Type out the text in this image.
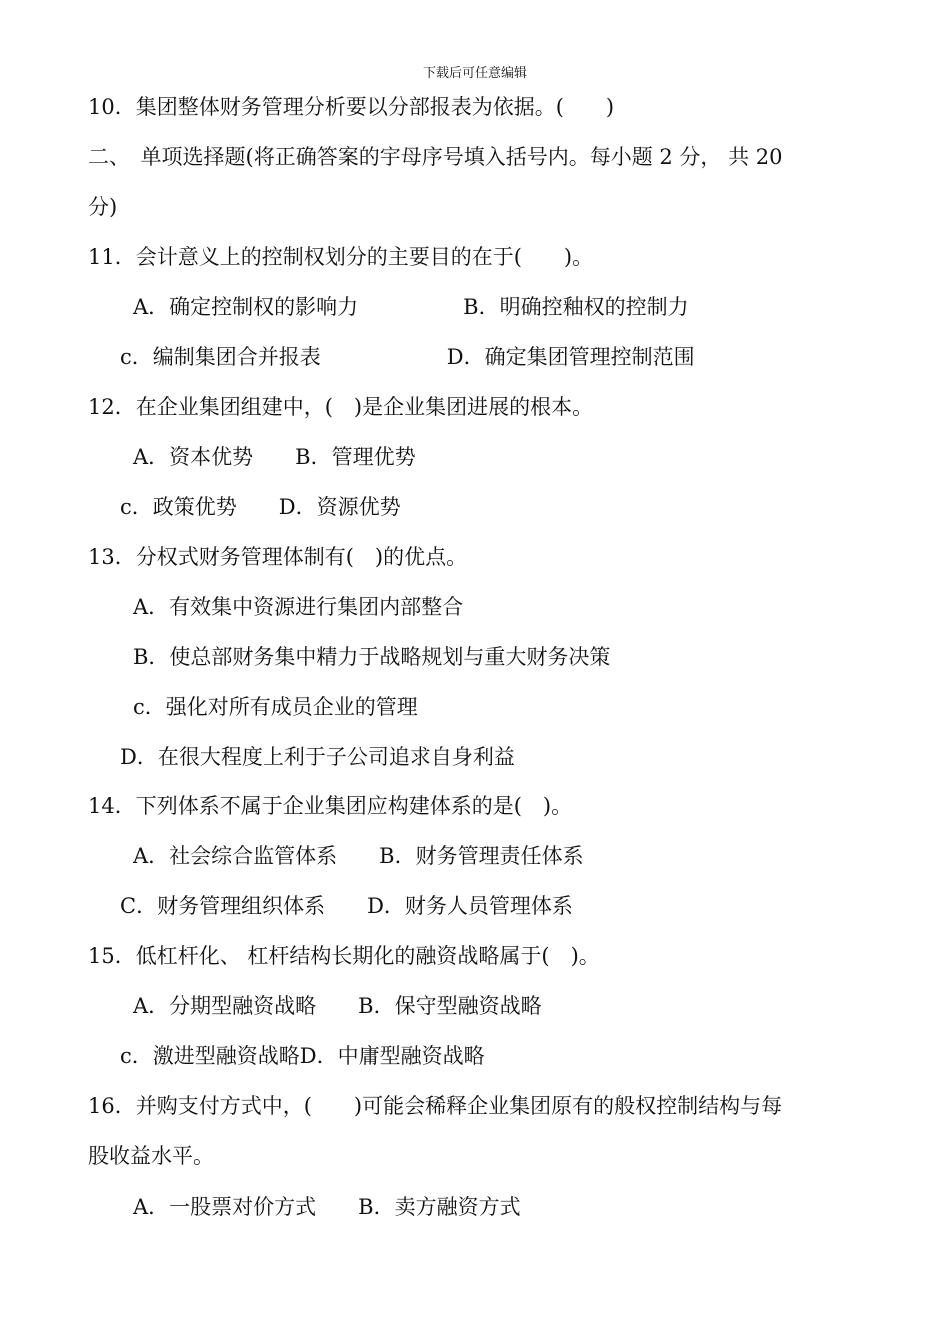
下载后可任意编辑
10．集团整体财务管理分析要以分部报表为依据。(　　)
二、　单项选择题(将正确答案的宇母序号填入括号内。每小题 2 分， 共 20
分)
11．会计意义上的控制权划分的主要目的在于(　　)。
A．确定控制权的影响力　　　　　B．明确控釉权的控制力
c．编制集团合并报表　　　　　　D．确定集团管理控制范围
12．在企业集团组建中，(　)是企业集团进展的根本。
A．资本优势　　B．管理优势
c．政策优势　　D．资源优势
13．分权式财务管理体制有(　)的优点。
A．有效集中资源进行集团内部整合
B．使总部财务集中精力于战略规划与重大财务决策
c．强化对所有成员企业的管理
D．在很大程度上利于子公司追求自身利益
14．下列体系不属于企业集团应构建体系的是(　)。
A．社会综合监管体系　　B．财务管理责任体系
C．财务管理组织体系　　D．财务人员管理体系
15．低杠杆化、 杠杆结构长期化的融资战略属于(　)。
A．分期型融资战略　　B．保守型融资战略
c．激进型融资战略D．中庸型融资战略
16．并购支付方式中，(　　)可能会稀释企业集团原有的般权控制结构与每
股收益水平。
A．一股票对价方式　　B．卖方融资方式
